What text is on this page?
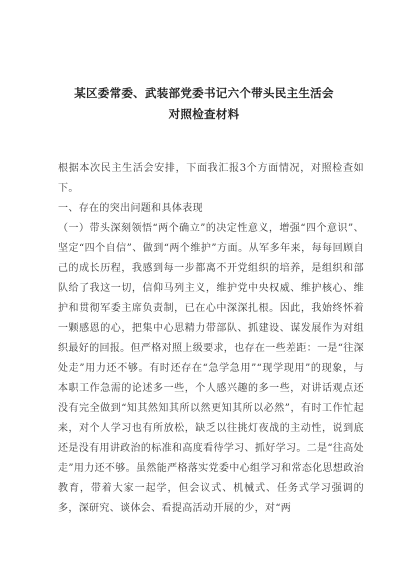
某区委常委、武装部党委书记六个带头民主生活会
对照检查材料

根据本次民主生活会安排，下面我汇报3个方面情况，对照检查如下。

一、存在的突出问题和具体表现

（一）带头深刻领悟“两个确立”的决定性意义，增强“四个意识”、坚定“四个自信”、做到“两个维护”方面。从军多年来，每每回顾自己的成长历程，我感到每一步都离不开党组织的培养，是组织和部队给了我这一切，信仰马列主义，维护党中央权威、维护核心、维护和贯彻军委主席负责制，已在心中深深扎根。因此，我始终怀着一颗感恩的心，把集中心思精力带部队、抓建设、谋发展作为对组织最好的回报。但严格对照上级要求，也存在一些差距：一是“往深处走”用力还不够。有时还存在“急学急用”“现学现用”的现象，与本职工作急需的论述多一些，个人感兴趣的多一些，对讲话观点还没有完全做到“知其然知其所以然更知其所以必然”，有时工作忙起来，对个人学习也有所放松，缺乏以往挑灯夜战的主动性，说到底还是没有用讲政治的标准和高度看待学习、抓好学习。二是“往高处走”用力还不够。虽然能严格落实党委中心组学习和常态化思想政治教育，带着大家一起学，但会议式、机械式、任务式学习强调的多，深研究、谈体会、看提高活动开展的少，对“两
